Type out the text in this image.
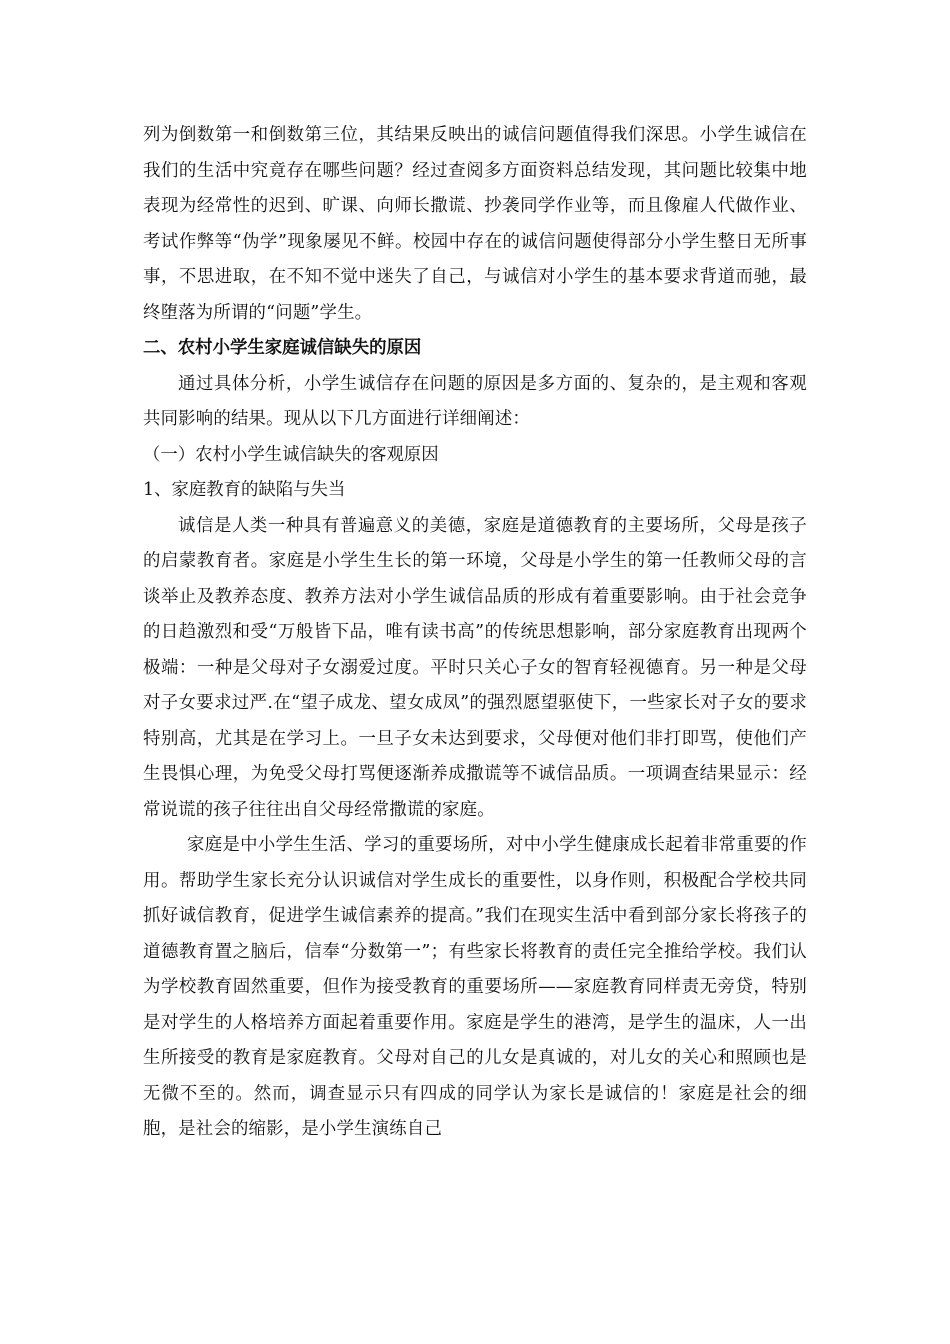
列为倒数第一和倒数第三位，其结果反映出的诚信问题值得我们深思。小学生诚信在我们的生活中究竟存在哪些问题？经过查阅多方面资料总结发现，其问题比较集中地表现为经常性的迟到、旷课、向师长撒谎、抄袭同学作业等，而且像雇人代做作业、考试作弊等“伪学”现象屡见不鲜。校园中存在的诚信问题使得部分小学生整日无所事事，不思进取，在不知不觉中迷失了自己，与诚信对小学生的基本要求背道而驰，最终堕落为所谓的“问题”学生。

二、农村小学生家庭诚信缺失的原因

通过具体分析，小学生诚信存在问题的原因是多方面的、复杂的，是主观和客观共同影响的结果。现从以下几方面进行详细阐述：

（一）农村小学生诚信缺失的客观原因

1、家庭教育的缺陷与失当

诚信是人类一种具有普遍意义的美德，家庭是道德教育的主要场所，父母是孩子的启蒙教育者。家庭是小学生生长的第一环境，父母是小学生的第一任教师父母的言谈举止及教养态度、教养方法对小学生诚信品质的形成有着重要影响。由于社会竞争的日趋激烈和受“万般皆下品，唯有读书高”的传统思想影响，部分家庭教育出现两个极端：一种是父母对子女溺爱过度。平时只关心子女的智育轻视德育。另一种是父母对子女要求过严.在“望子成龙、望女成凤”的强烈愿望驱使下，一些家长对子女的要求特别高，尤其是在学习上。一旦子女未达到要求，父母便对他们非打即骂，使他们产生畏惧心理，为免受父母打骂便逐渐养成撒谎等不诚信品质。一项调查结果显示：经常说谎的孩子往往出自父母经常撒谎的家庭。

家庭是中小学生生活、学习的重要场所，对中小学生健康成长起着非常重要的作用。帮助学生家长充分认识诚信对学生成长的重要性，以身作则，积极配合学校共同抓好诚信教育，促进学生诚信素养的提高。”我们在现实生活中看到部分家长将孩子的道德教育置之脑后，信奉“分数第一”；有些家长将教育的责任完全推给学校。我们认为学校教育固然重要，但作为接受教育的重要场所——家庭教育同样责无旁贷，特别是对学生的人格培养方面起着重要作用。家庭是学生的港湾，是学生的温床，人一出生所接受的教育是家庭教育。父母对自己的儿女是真诚的，对儿女的关心和照顾也是无微不至的。然而，调查显示只有四成的同学认为家长是诚信的！家庭是社会的细胞，是社会的缩影，是小学生演练自己
